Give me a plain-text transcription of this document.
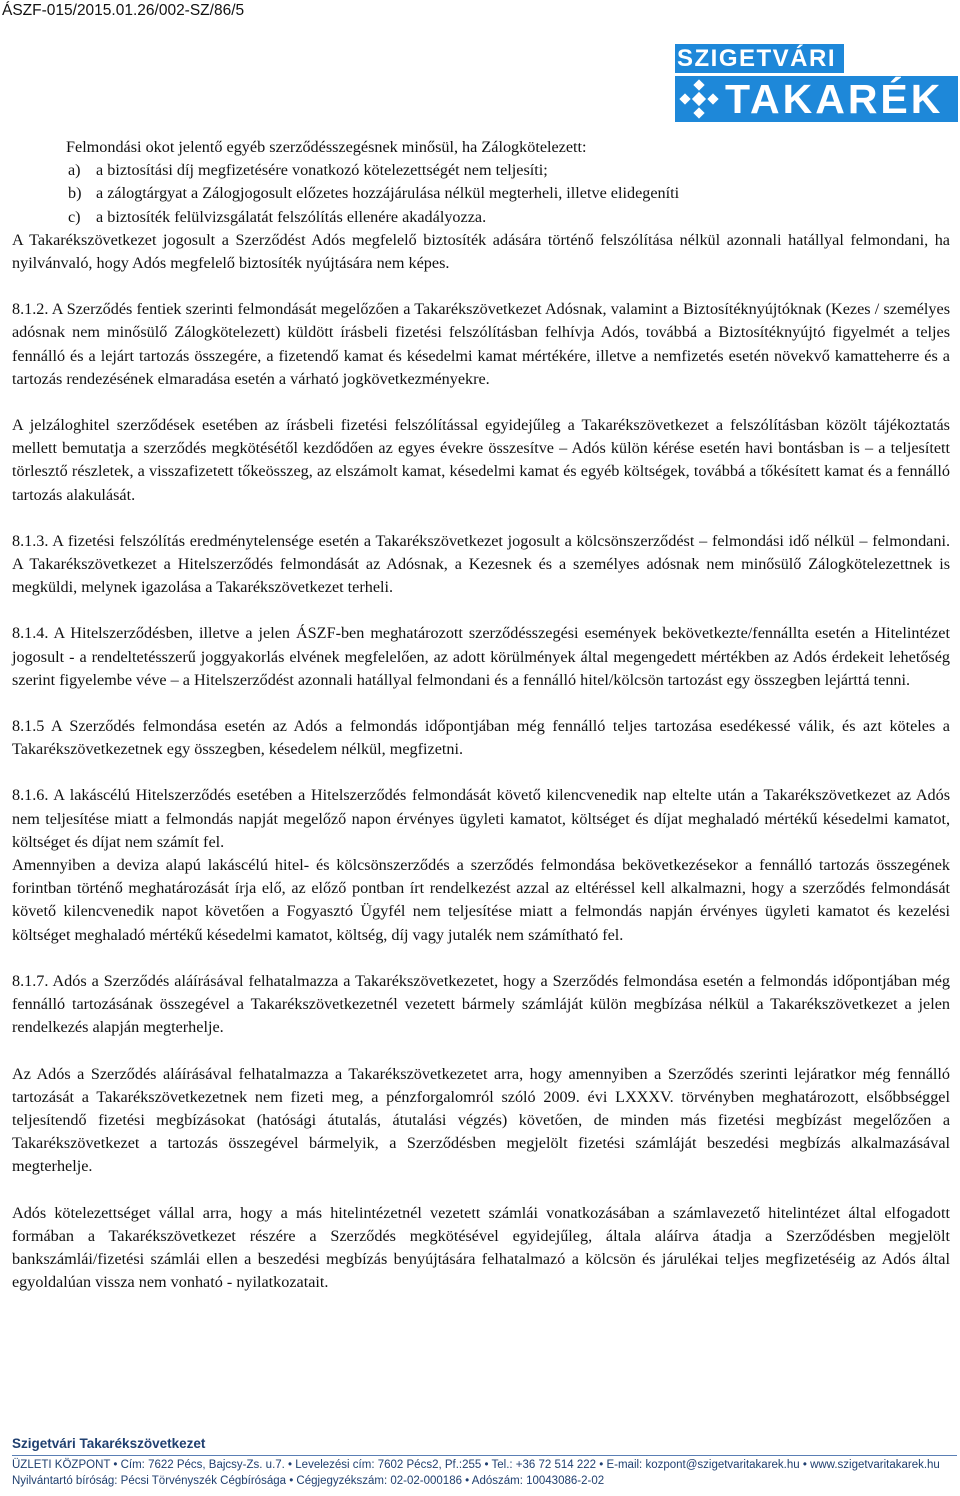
ÁSZF-015/2015.01.26/002-SZ/86/5
SZIGETVÁRI
TAKARÉK

Felmondási okot jelentő egyéb szerződésszegésnek minősül, ha Zálogkötelezett:

a) a biztosítási díj megfizetésére vonatkozó kötelezettségét nem teljesíti;
b) a zálogtárgyat a Zálogjogosult előzetes hozzájárulása nélkül megterheli, illetve elidegeníti
c) a biztosíték felülvizsgálatát felszólítás ellenére akadályozza.

A Takarékszövetkezet jogosult a Szerződést Adós megfelelő biztosíték adására történő felszólítása nélkül azonnali hatállyal felmondani, ha nyilvánvaló, hogy Adós megfelelő biztosíték nyújtására nem képes.

8.1.2. A Szerződés fentiek szerinti felmondását megelőzően a Takarékszövetkezet Adósnak, valamint a Biztosítéknyújtóknak (Kezes / személyes adósnak nem minősülő Zálogkötelezett) küldött írásbeli fizetési felszólításban felhívja Adós, továbbá a Biztosítéknyújtó figyelmét a teljes fennálló és a lejárt tartozás összegére, a fizetendő kamat és késedelmi kamat mértékére, illetve a nemfizetés esetén növekvő kamatteherre és a tartozás rendezésének elmaradása esetén a várható jogkövetkezményekre.

A jelzáloghitel szerződések esetében az írásbeli fizetési felszólítással egyidejűleg a Takarékszövetkezet a felszólításban közölt tájékoztatás mellett bemutatja a szerződés megkötésétől kezdődően az egyes évekre összesítve ‒ Adós külön kérése esetén havi bontásban is ‒ a teljesített törlesztő részletek, a visszafizetett tőkeösszeg, az elszámolt kamat, késedelmi kamat és egyéb költségek, továbbá a tőkésített kamat és a fennálló tartozás alakulását.

8.1.3. A fizetési felszólítás eredménytelensége esetén a Takarékszövetkezet jogosult a kölcsönszerződést ‒ felmondási idő nélkül ‒ felmondani. A Takarékszövetkezet a Hitelszerződés felmondását az Adósnak, a Kezesnek és a személyes adósnak nem minősülő Zálogkötelezettnek is megküldi, melynek igazolása a Takarékszövetkezet terheli.

8.1.4. A Hitelszerződésben, illetve a jelen ÁSZF-ben meghatározott szerződésszegési események bekövetkezte/fennállta esetén a Hitelintézet jogosult - a rendeltetésszerű joggyakorlás elvének megfelelően, az adott körülmények által megengedett mértékben az Adós érdekeit lehetőség szerint figyelembe véve ‒ a Hitelszerződést azonnali hatállyal felmondani és a fennálló hitel/kölcsön tartozást egy összegben lejárttá tenni.

8.1.5 A Szerződés felmondása esetén az Adós a felmondás időpontjában még fennálló teljes tartozása esedékessé válik, és azt köteles a Takarékszövetkezetnek egy összegben, késedelem nélkül, megfizetni.

8.1.6. A lakáscélú Hitelszerződés esetében a Hitelszerződés felmondását követő kilencvenedik nap eltelte után a Takarékszövetkezet az Adós nem teljesítése miatt a felmondás napját megelőző napon érvényes ügyleti kamatot, költséget és díjat meghaladó mértékű késedelmi kamatot, költséget és díjat nem számít fel.

Amennyiben a deviza alapú lakáscélú hitel- és kölcsönszerződés a szerződés felmondása bekövetkezésekor a fennálló tartozás összegének forintban történő meghatározását írja elő, az előző pontban írt rendelkezést azzal az eltéréssel kell alkalmazni, hogy a szerződés felmondását követő kilencvenedik napot követően a Fogyasztó Ügyfél nem teljesítése miatt a felmondás napján érvényes ügyleti kamatot és kezelési költséget meghaladó mértékű késedelmi kamatot, költség, díj vagy jutalék nem számítható fel.

8.1.7. Adós a Szerződés aláírásával felhatalmazza a Takarékszövetkezetet, hogy a Szerződés felmondása esetén a felmondás időpontjában még fennálló tartozásának összegével a Takarékszövetkezetnél vezetett bármely számláját külön megbízása nélkül a Takarékszövetkezet a jelen rendelkezés alapján megterhelje.

Az Adós a Szerződés aláírásával felhatalmazza a Takarékszövetkezetet arra, hogy amennyiben a Szerződés szerinti lejáratkor még fennálló tartozását a Takarékszövetkezetnek nem fizeti meg, a pénzforgalomról szóló 2009. évi LXXXV. törvényben meghatározott, elsőbbséggel teljesítendő fizetési megbízásokat (hatósági átutalás, átutalási végzés) követően, de minden más fizetési megbízást megelőzően a Takarékszövetkezet a tartozás összegével bármelyik, a Szerződésben megjelölt fizetési számláját beszedési megbízás alkalmazásával megterhelje.

Adós kötelezettséget vállal arra, hogy a más hitelintézetnél vezetett számlái vonatkozásában a számlavezető hitelintézet által elfogadott formában a Takarékszövetkezet részére a Szerződés megkötésével egyidejűleg, általa aláírva átadja a Szerződésben megjelölt bankszámlái/fizetési számlái ellen a beszedési megbízás benyújtására felhatalmazó a kölcsön és járulékai teljes megfizetéséig az Adós által egyoldalúan vissza nem vonható - nyilatkozatait.

Szigetvári Takarékszövetkezet
ÜZLETI KÖZPONT • Cím: 7622 Pécs, Bajcsy-Zs. u.7. • Levelezési cím: 7602 Pécs2, Pf.:255 • Tel.: +36 72 514 222 • E-mail: kozpont@szigetvaritakarek.hu • www.szigetvaritakarek.hu
Nyilvántartó bíróság: Pécsi Törvényszék Cégbírósága • Cégjegyzékszám: 02-02-000186 • Adószám: 10043086-2-02
